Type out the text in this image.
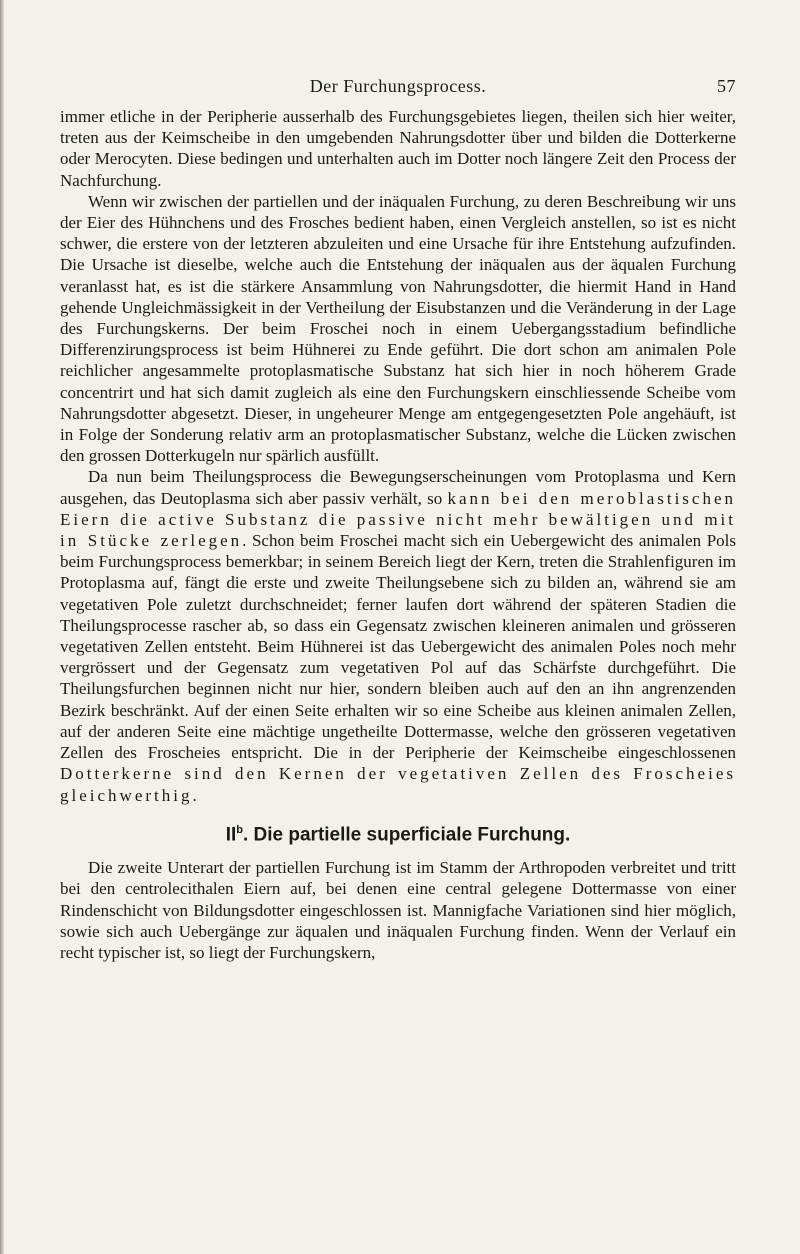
Der Furchungsprocess.	57

immer etliche in der Peripherie ausserhalb des Furchungsgebietes liegen, theilen sich hier weiter, treten aus der Keimscheibe in den umgebenden Nahrungsdotter über und bilden die Dotterkerne oder Merocyten. Diese bedingen und unterhalten auch im Dotter noch längere Zeit den Process der Nachfurchung.

Wenn wir zwischen der partiellen und der inäqualen Furchung, zu deren Beschreibung wir uns der Eier des Hühnchens und des Frosches bedient haben, einen Vergleich anstellen, so ist es nicht schwer, die erstere von der letzteren abzuleiten und eine Ursache für ihre Entstehung aufzufinden. Die Ursache ist dieselbe, welche auch die Entstehung der inäqualen aus der äqualen Furchung veranlasst hat, es ist die stärkere Ansammlung von Nahrungsdotter, die hiermit Hand in Hand gehende Ungleichmässigkeit in der Vertheilung der Eisubstanzen und die Veränderung in der Lage des Furchungskerns. Der beim Froschei noch in einem Uebergangsstadium befindliche Differenzirungsprocess ist beim Hühnerei zu Ende geführt. Die dort schon am animalen Pole reichlicher angesammelte protoplasmatische Substanz hat sich hier in noch höherem Grade concentrirt und hat sich damit zugleich als eine den Furchungskern einschliessende Scheibe vom Nahrungsdotter abgesetzt. Dieser, in ungeheurer Menge am entgegengesetzten Pole angehäuft, ist in Folge der Sonderung relativ arm an protoplasmatischer Substanz, welche die Lücken zwischen den grossen Dotterkugeln nur spärlich ausfüllt.

Da nun beim Theilungsprocess die Bewegungserscheinungen vom Protoplasma und Kern ausgehen, das Deutoplasma sich aber passiv verhält, so kann bei den meroblastischen Eiern die active Substanz die passive nicht mehr bewältigen und mit in Stücke zerlegen. Schon beim Froschei macht sich ein Uebergewicht des animalen Pols beim Furchungsprocess bemerkbar; in seinem Bereich liegt der Kern, treten die Strahlenfiguren im Protoplasma auf, fängt die erste und zweite Theilungsebene sich zu bilden an, während sie am vegetativen Pole zuletzt durchschneidet; ferner laufen dort während der späteren Stadien die Theilungsprocesse rascher ab, so dass ein Gegensatz zwischen kleineren animalen und grösseren vegetativen Zellen entsteht. Beim Hühnerei ist das Uebergewicht des animalen Poles noch mehr vergrössert und der Gegensatz zum vegetativen Pol auf das Schärfste durchgeführt. Die Theilungsfurchen beginnen nicht nur hier, sondern bleiben auch auf den an ihn angrenzenden Bezirk beschränkt. Auf der einen Seite erhalten wir so eine Scheibe aus kleinen animalen Zellen, auf der anderen Seite eine mächtige ungetheilte Dottermasse, welche den grösseren vegetativen Zellen des Froscheies entspricht. Die in der Peripherie der Keimscheibe eingeschlossenen Dotterkerne sind den Kernen der vegetativen Zellen des Froscheies gleichwerthig.

$II^b$. Die partielle superficiale Furchung.

Die zweite Unterart der partiellen Furchung ist im Stamm der Arthropoden verbreitet und tritt bei den centrolecithalen Eiern auf, bei denen eine central gelegene Dottermasse von einer Rindenschicht von Bildungsdotter eingeschlossen ist. Mannigfache Variationen sind hier möglich, sowie sich auch Uebergänge zur äqualen und inäqualen Furchung finden. Wenn der Verlauf ein recht typischer ist, so liegt der Furchungskern,
